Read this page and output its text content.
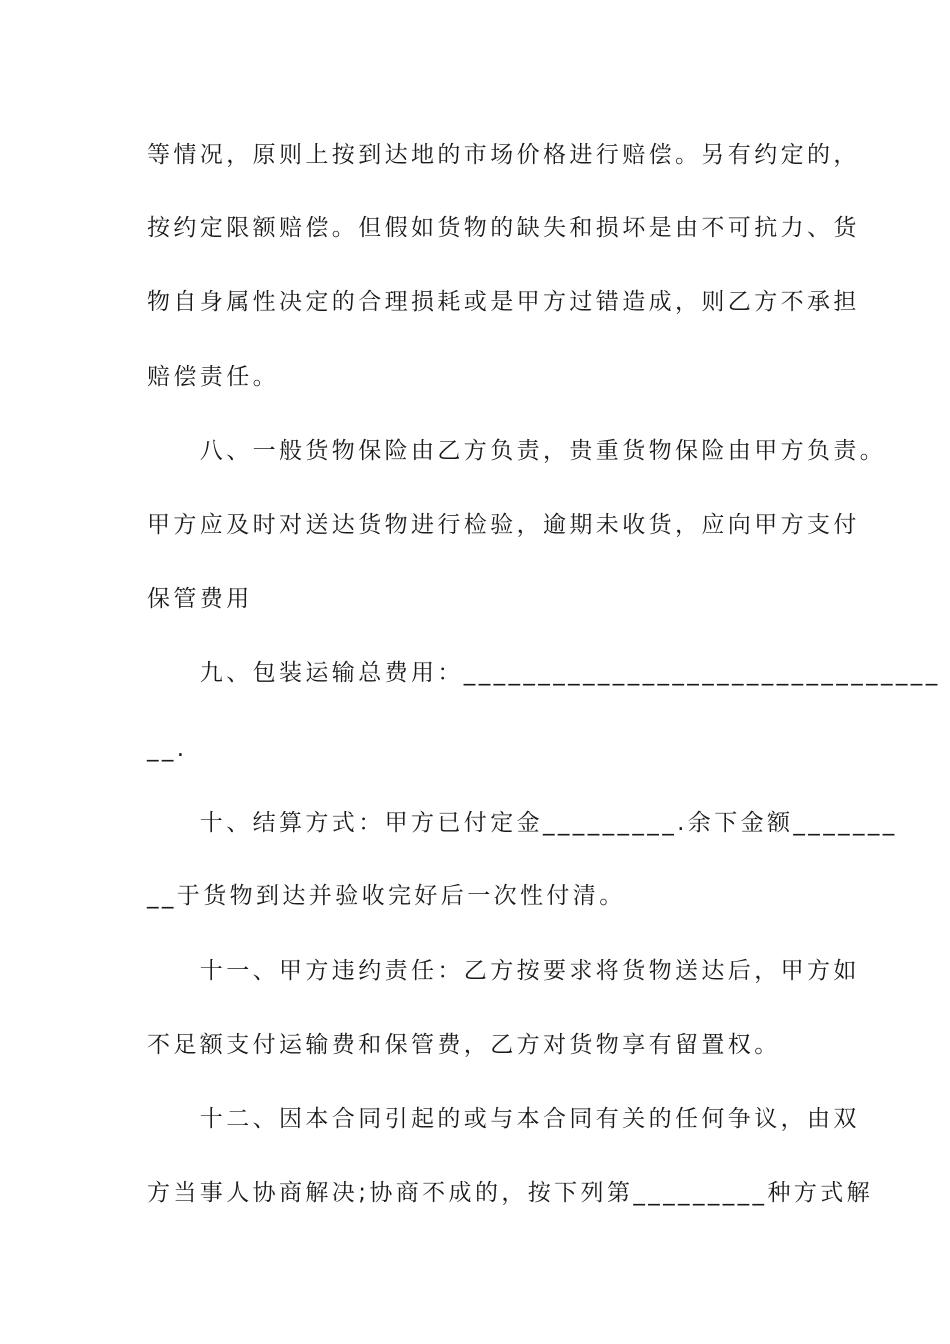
等情况，原则上按到达地的市场价格进行赔偿。另有约定的，
按约定限额赔偿。但假如货物的缺失和损坏是由不可抗力、货
物自身属性决定的合理损耗或是甲方过错造成，则乙方不承担
赔偿责任。
　　八、一般货物保险由乙方负责，贵重货物保险由甲方负责。
甲方应及时对送达货物进行检验，逾期未收货，应向甲方支付
保管费用
　　九、包装运输总费用：________________________________
__.
　　十、结算方式：甲方已付定金_________.余下金额_______
__于货物到达并验收完好后一次性付清。
　　十一、甲方违约责任：乙方按要求将货物送达后，甲方如
不足额支付运输费和保管费，乙方对货物享有留置权。
　　十二、因本合同引起的或与本合同有关的任何争议，由双
方当事人协商解决;协商不成的，按下列第_________种方式解
